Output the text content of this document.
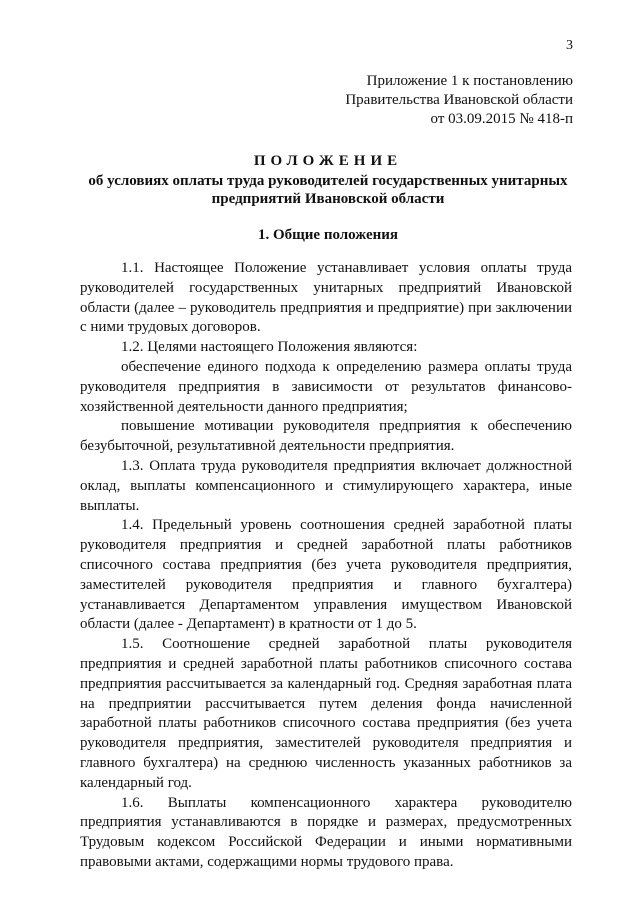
3
Приложение 1 к постановлению
Правительства Ивановской области
от 03.09.2015 № 418-п
ПОЛОЖЕНИЕ
об условиях оплаты труда руководителей государственных унитарных
предприятий Ивановской области
1. Общие положения

1.1. Настоящее Положение устанавливает условия оплаты труда руководителей государственных унитарных предприятий Ивановской области (далее – руководитель предприятия и предприятие) при заключении с ними трудовых договоров.

1.2. Целями настоящего Положения являются:

обеспечение единого подхода к определению размера оплаты труда руководителя предприятия в зависимости от результатов финансово-хозяйственной деятельности данного предприятия;

повышение мотивации руководителя предприятия к обеспечению безубыточной, результативной деятельности предприятия.

1.3. Оплата труда руководителя предприятия включает должностной оклад, выплаты компенсационного и стимулирующего характера, иные выплаты.

1.4. Предельный уровень соотношения средней заработной платы руководителя предприятия и средней заработной платы работников списочного состава предприятия (без учета руководителя предприятия, заместителей руководителя предприятия и главного бухгалтера) устанавливается Департаментом управления имуществом Ивановской области (далее - Департамент) в кратности от 1 до 5.

1.5. Соотношение средней заработной платы руководителя предприятия и средней заработной платы работников списочного состава предприятия рассчитывается за календарный год. Средняя заработная плата на предприятии рассчитывается путем деления фонда начисленной заработной платы работников списочного состава предприятия (без учета руководителя предприятия, заместителей руководителя предприятия и главного бухгалтера) на среднюю численность указанных работников за календарный год.

1.6. Выплаты компенсационного характера руководителю предприятия устанавливаются в порядке и размерах, предусмотренных Трудовым кодексом Российской Федерации и иными нормативными правовыми актами, содержащими нормы трудового права.
